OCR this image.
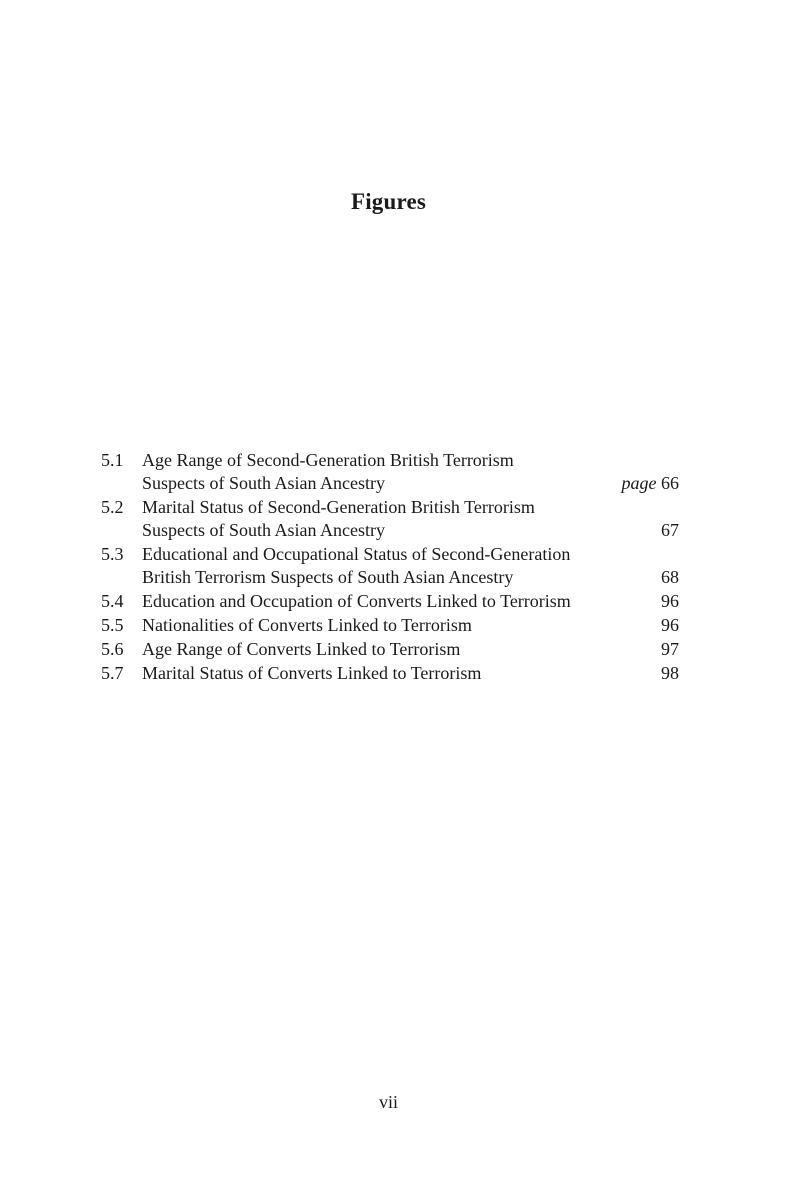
Figures
5.1	Age Range of Second-Generation British Terrorism
Suspects of South Asian Ancestry	page 66
5.2	Marital Status of Second-Generation British Terrorism
Suspects of South Asian Ancestry	67
5.3	Educational and Occupational Status of Second-Generation
British Terrorism Suspects of South Asian Ancestry	68
5.4	Education and Occupation of Converts Linked to Terrorism	96
5.5	Nationalities of Converts Linked to Terrorism	96
5.6	Age Range of Converts Linked to Terrorism	97
5.7	Marital Status of Converts Linked to Terrorism	98
vii
